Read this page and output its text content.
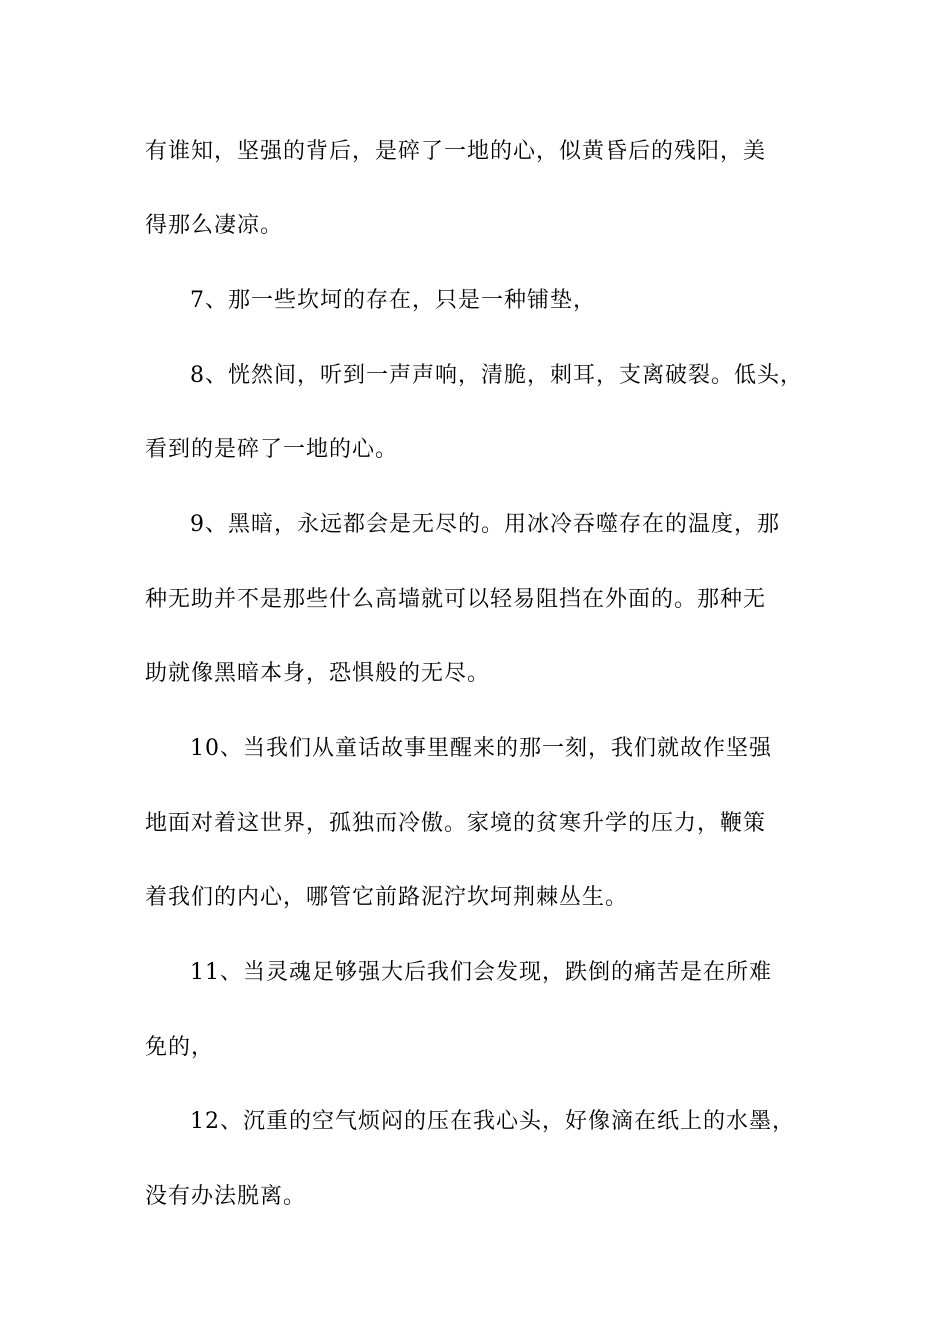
有谁知，坚强的背后，是碎了一地的心，似黄昏后的残阳，美
得那么凄凉。
7、那一些坎坷的存在，只是一种铺垫，
8、恍然间，听到一声声响，清脆，刺耳，支离破裂。低头，
看到的是碎了一地的心。
9、黑暗，永远都会是无尽的。用冰冷吞噬存在的温度，那
种无助并不是那些什么高墙就可以轻易阻挡在外面的。那种无
助就像黑暗本身，恐惧般的无尽。
10、当我们从童话故事里醒来的那一刻，我们就故作坚强
地面对着这世界，孤独而冷傲。家境的贫寒升学的压力，鞭策
着我们的内心，哪管它前路泥泞坎坷荆棘丛生。
11、当灵魂足够强大后我们会发现，跌倒的痛苦是在所难
免的，
12、沉重的空气烦闷的压在我心头，好像滴在纸上的水墨，
没有办法脱离。
